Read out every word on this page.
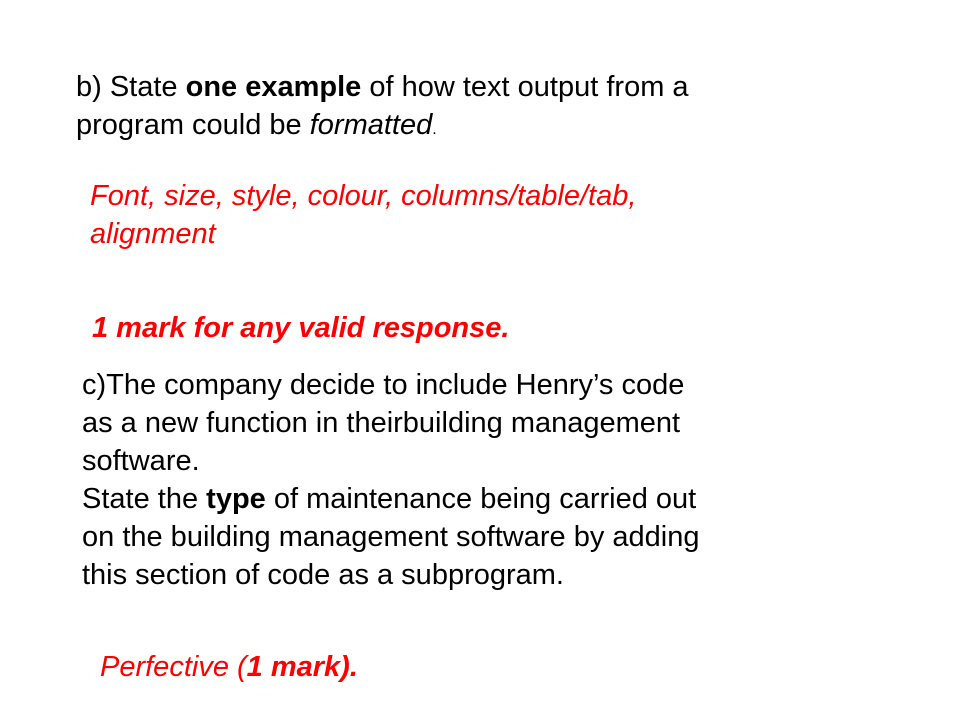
b) State one example of how text output from a
program could be formatted.
Font, size, style, colour, columns/table/tab,
alignment
1 mark for any valid response.
c)The company decide to include Henry’s code
as a new function in theirbuilding management
software.
State the type of maintenance being carried out
on the building management software by adding
this section of code as a subprogram.
Perfective (1 mark).
